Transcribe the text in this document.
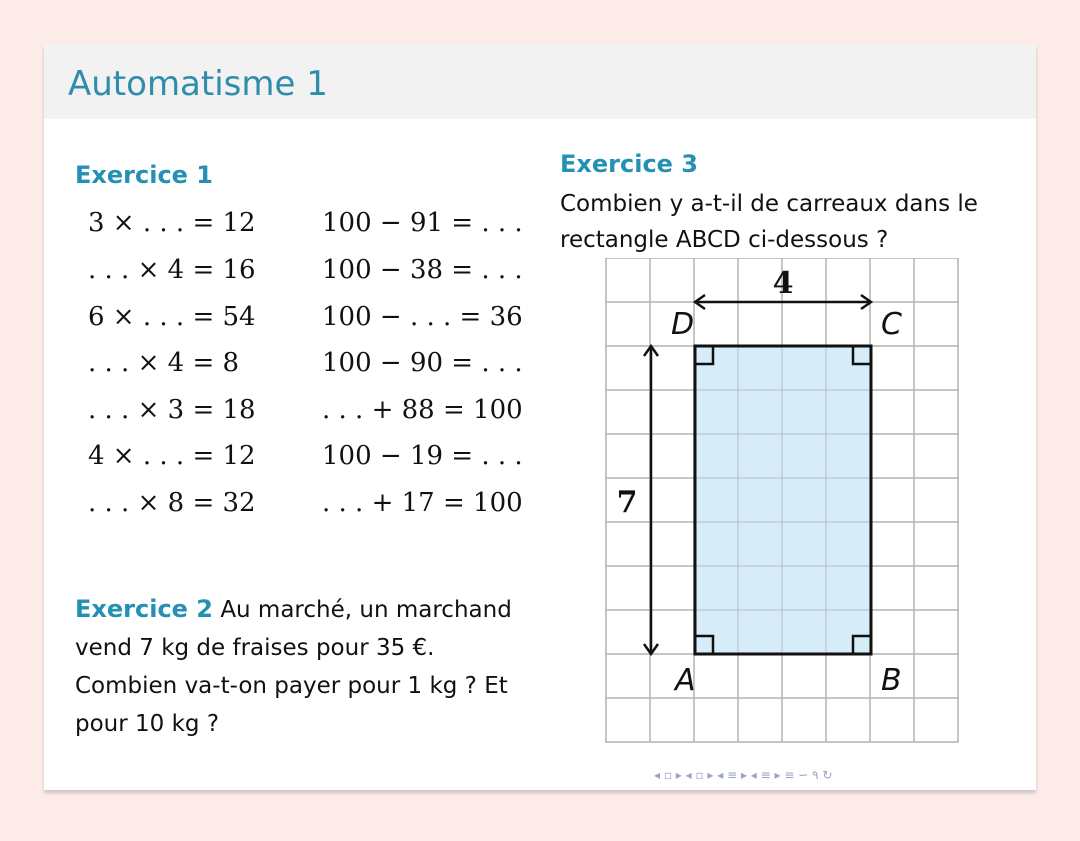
Automatisme 1
Exercice 1
Exercice 2 Au marché, un marchand vend 7 kg de fraises pour 35 €. Combien va-t-on payer pour 1 kg ? Et pour 10 kg ?
Exercice 3
Combien y a-t-il de carreaux dans le rectangle ABCD ci-dessous ?
4
7
D	C
A	B
◂ ▫ ▸ ◂ ▫ ▸ ◂ ≡ ▸ ◂ ≡ ▸ ≡ ∽ ۹ ↻
3 × . . . = 12
. . . × 4 = 16
6 × . . . = 54
. . . × 4 = 8
. . . × 3 = 18
4 × . . . = 12
. . . × 8 = 32
100 − 91 = . . .
100 − 38 = . . .
100 − . . . = 36
100 − 90 = . . .
. . . + 88 = 100
100 − 19 = . . .
. . . + 17 = 100
